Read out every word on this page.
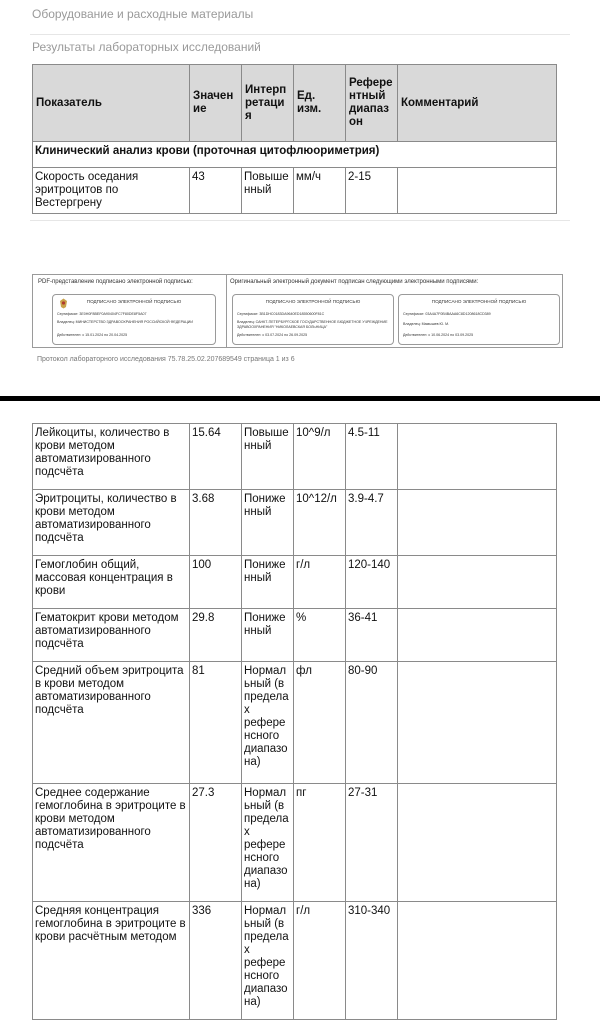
Оборудование и расходные материалы
Результаты лабораторных исследований
Показатель	Значение	Интерпретация	Ед. изм.	Референтный диапазон	Комментарий
Клинический анализ крови (проточная цитофлюориметрия)					
Скорость оседания эритроцитов по Вестергрену	43	Повышенный	мм/ч	2-15	
PDF-представление подписано электронной подписью:	Оригинальный электронный документ подписан следующими электронными подписями:
ПОДПИСАНО ЭЛЕКТРОННОЙ ПОДПИСЬЮ
Сертификат: 3E0H0F8BEF0A90404FC7F80DE8F5A07
Владелец: МИНИСТЕРСТВО ЗДРАВООХРАНЕНИЯ РОССИЙСКОЙ ФЕДЕРАЦИИ
Действителен: с 15.01.2024 по 20.04.2025
ПОДПИСАНО ЭЛЕКТРОННОЙ ПОДПИСЬЮ
Сертификат: 3B1DHC0183DA9640ED18550600F81C
Владелец: САНКТ-ПЕТЕРБУРГСКОЕ ГОСУДАРСТВЕННОЕ БЮДЖЕТНОЕ УЧРЕЖДЕНИЕ ЗДРАВООХРАНЕНИЯ "НИКОЛАЕВСКАЯ БОЛЬНИЦА"
Действителен: с 03.07.2024 по 26.09.2025
ПОДПИСАНО ЭЛЕКТРОННОЙ ПОДПИСЬЮ
Сертификат: 03A4A7F0B4BAAA6C8D1208618CD389
Владелец: Мамышев Ю. М.
Действителен: с 10.06.2024 по 03.09.2025
Протокол лабораторного исследования 75.78.25.02.207689549 страница 1 из 6
Лейкоциты, количество в крови методом автоматизированного подсчёта	15.64	Повышенный	10^9/л	4.5-11	
Эритроциты, количество в крови методом автоматизированного подсчёта	3.68	Пониженный	10^12/л	3.9-4.7	
Гемоглобин общий, массовая концентрация в крови	100	Пониженный	г/л	120-140	
Гематокрит крови методом автоматизированного подсчёта	29.8	Пониженный	%	36-41	
Средний объем эритроцита в крови методом автоматизированного подсчёта	81	Нормальный (в пределах референсного диапазона)	фл	80-90	
Среднее содержание гемоглобина в эритроците в крови методом автоматизированного подсчёта	27.3	Нормальный (в пределах референсного диапазона)	пг	27-31	
Средняя концентрация гемоглобина в эритроците в крови расчётным методом	336	Нормальный (в пределах референсного диапазона)	г/л	310-340	
